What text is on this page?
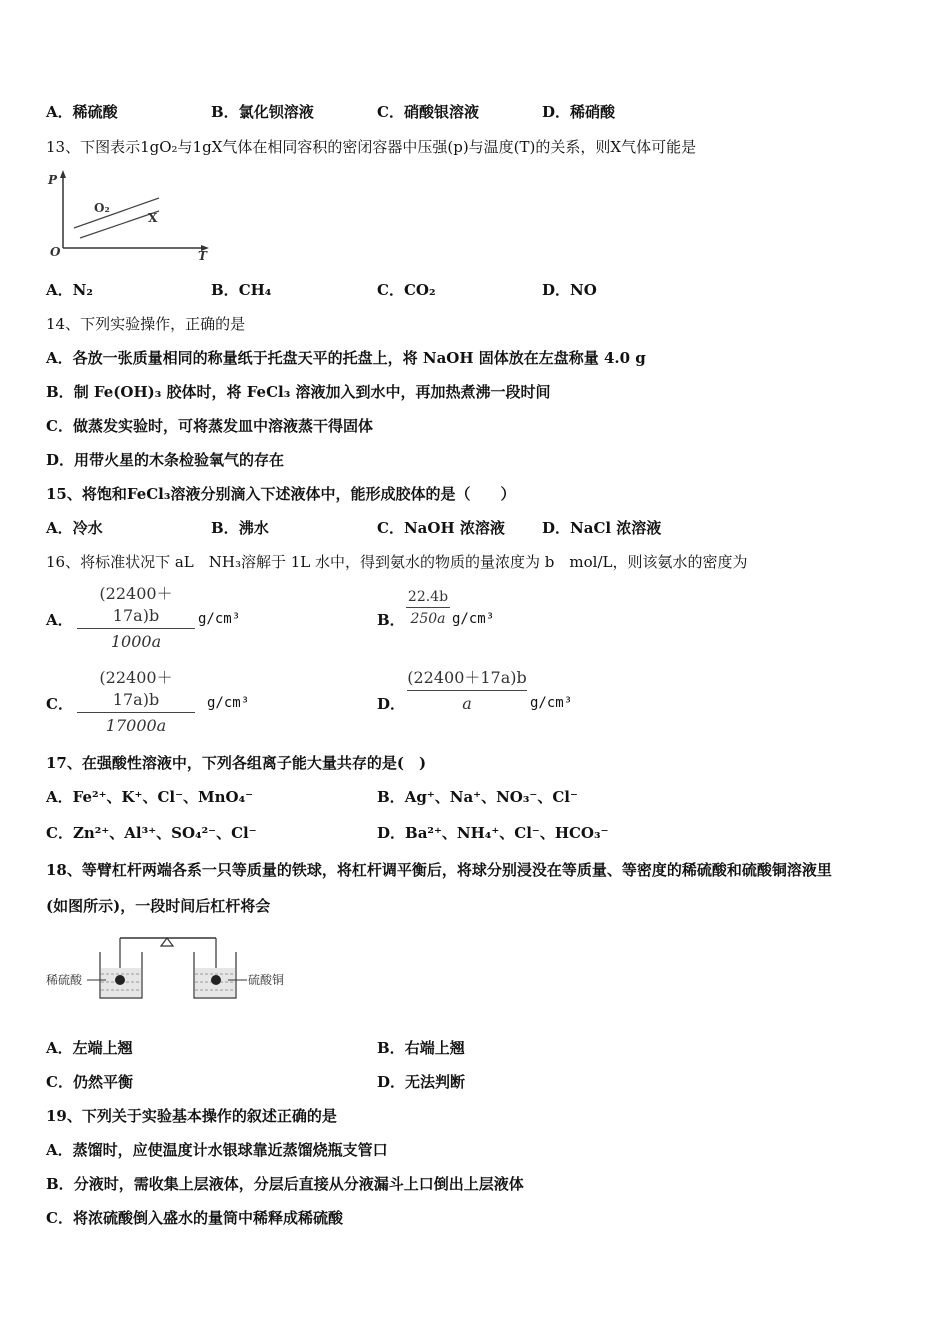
A．稀硫酸	B．氯化钡溶液	C．硝酸银溶液	D．稀硝酸
13、下图表示1gO₂与1gX气体在相同容积的密闭容器中压强(p)与温度(T)的关系，则X气体可能是
P
O	T
O₂
X
A．N₂	B．CH₄	C．CO₂	D．NO
14、下列实验操作，正确的是
A．各放一张质量相同的称量纸于托盘天平的托盘上，将 NaOH 固体放在左盘称量 4.0 g
B．制 Fe(OH)₃ 胶体时，将 FeCl₃ 溶液加入到水中，再加热煮沸一段时间
C．做蒸发实验时，可将蒸发皿中溶液蒸干得固体
D．用带火星的木条检验氧气的存在
15、将饱和FeCl₃溶液分别滴入下述液体中，能形成胶体的是（　　）
A．冷水	B．沸水	C．NaOH 浓溶液 D．NaCl 浓溶液
16、将标准状况下 aL　NH₃溶解于 1L 水中，得到氨水的物质的量浓度为 b　mol/L，则该氨水的密度为
A．
(22400＋17a)b
1000a
g/cm³	B．
22.4b
250a g/cm³
C．
(22400＋17a)b
17000a
g/cm³	D．
(22400＋17a)b
a	g/cm³
17、在强酸性溶液中，下列各组离子能大量共存的是(　)
A．Fe²⁺、K⁺、Cl⁻、MnO₄⁻	B．Ag⁺、Na⁺、NO₃⁻、Cl⁻
C．Zn²⁺、Al³⁺、SO₄²⁻、Cl⁻	D．Ba²⁺、NH₄⁺、Cl⁻、HCO₃⁻
18、等臂杠杆两端各系一只等质量的铁球，将杠杆调平衡后，将球分别浸没在等质量、等密度的稀硫酸和硫酸铜溶液里
(如图所示)，一段时间后杠杆将会
稀硫酸	硫酸铜
A．左端上翘	B．右端上翘
C．仍然平衡	D．无法判断
19、下列关于实验基本操作的叙述正确的是
A．蒸馏时，应使温度计水银球靠近蒸馏烧瓶支管口
B．分液时，需收集上层液体，分层后直接从分液漏斗上口倒出上层液体
C．将浓硫酸倒入盛水的量筒中稀释成稀硫酸
